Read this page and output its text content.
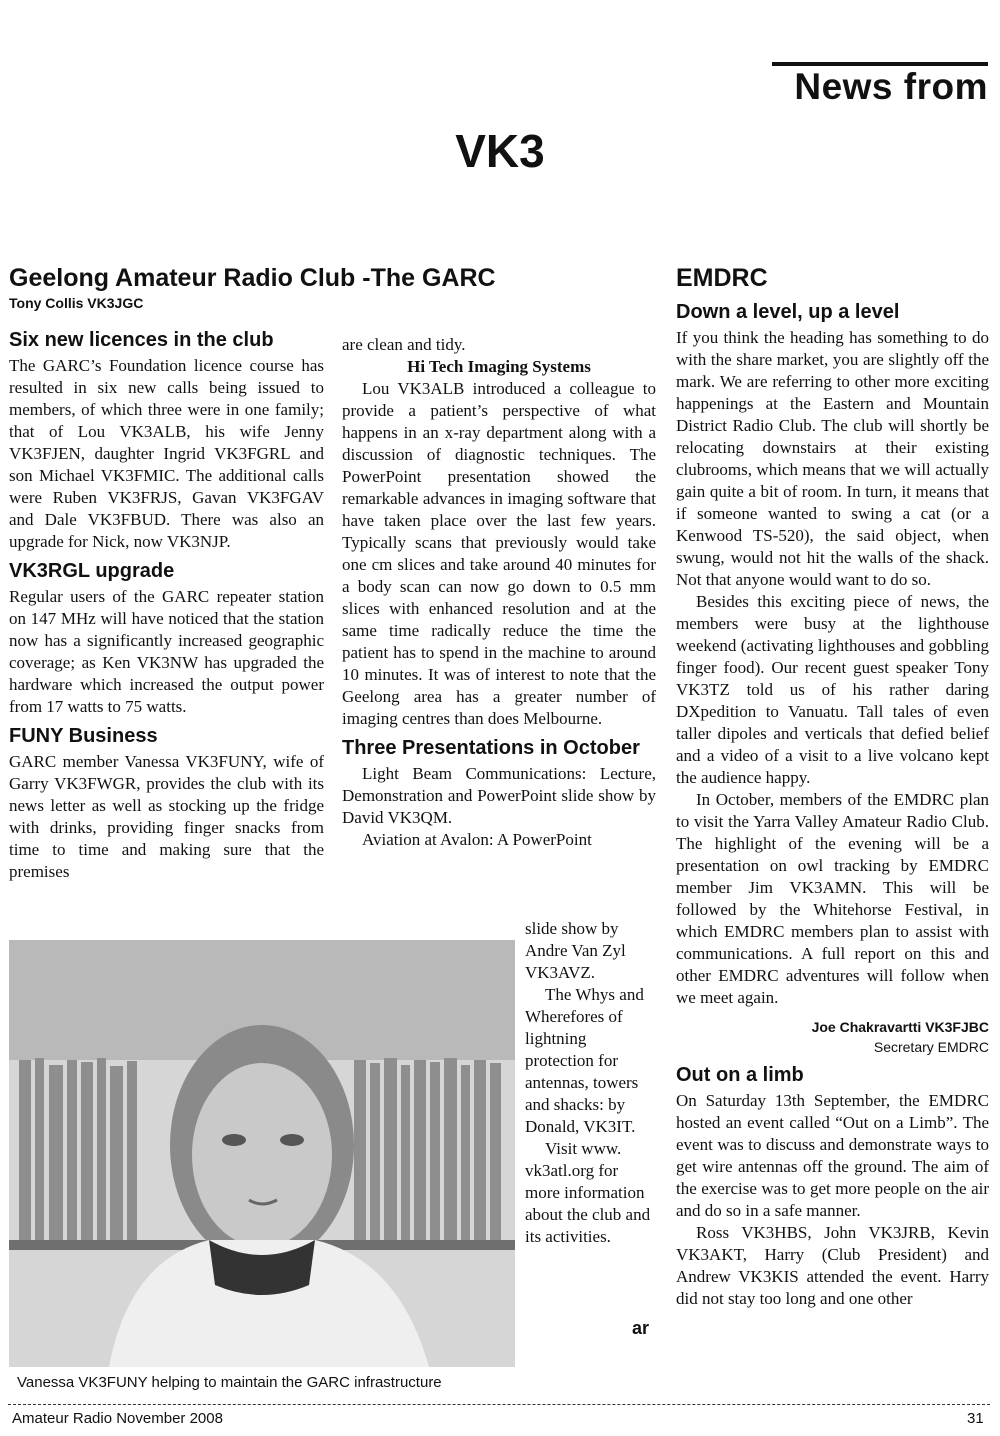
News from
VK3
Geelong Amateur Radio Club -The GARC

Tony Collis VK3JGC

Six new licences in the club

The GARC’s Foundation licence course has resulted in six new calls being issued to members, of which three were in one family; that of Lou VK3ALB, his wife Jenny VK3FJEN, daughter Ingrid VK3FGRL and son Michael VK3FMIC. The additional calls were Ruben VK3FRJS, Gavan VK3FGAV and Dale VK3FBUD. There was also an upgrade for Nick, now VK3NJP.

VK3RGL upgrade

Regular users of the GARC repeater station on 147 MHz will have noticed that the station now has a significantly increased geographic coverage; as Ken VK3NW has upgraded the hardware which increased the output power from 17 watts to 75 watts.

FUNY Business

GARC member Vanessa VK3FUNY, wife of Garry VK3FWGR, provides the club with its news letter as well as stocking up the fridge with drinks, providing finger snacks from time to time and making sure that the premises

are clean and tidy.

Hi Tech Imaging Systems

Lou VK3ALB introduced a colleague to provide a patient’s perspective of what happens in an x-ray department along with a discussion of diagnostic techniques. The PowerPoint presentation showed the remarkable advances in imaging software that have taken place over the last few years. Typically scans that previously would take one cm slices and take around 40 minutes for a body scan can now go down to 0.5 mm slices with enhanced resolution and at the same time radically reduce the time the patient has to spend in the machine to around 10 minutes. It was of interest to note that the Geelong area has a greater number of imaging centres than does Melbourne.

Three Presentations in October

Light Beam Communications: Lecture, Demonstration and PowerPoint slide show by David VK3QM.

Aviation at Avalon: A PowerPoint

slide show by Andre Van Zyl VK3AVZ.

The Whys and Wherefores of lightning protection for antennas, towers and shacks: by Donald, VK3IT.

Visit www. vk3atl.org for more information about the club and its activities.

ar
Vanessa VK3FUNY helping to maintain the GARC infrastructure
EMDRC
Down a level, up a level

If you think the heading has something to do with the share market, you are slightly off the mark. We are referring to other more exciting happenings at the Eastern and Mountain District Radio Club. The club will shortly be relocating downstairs at their existing clubrooms, which means that we will actually gain quite a bit of room. In turn, it means that if someone wanted to swing a cat (or a Kenwood TS-520), the said object, when swung, would not hit the walls of the shack. Not that anyone would want to do so.

Besides this exciting piece of news, the members were busy at the lighthouse weekend (activating lighthouses and gobbling finger food). Our recent guest speaker Tony VK3TZ told us of his rather daring DXpedition to Vanuatu. Tall tales of even taller dipoles and verticals that defied belief and a video of a visit to a live volcano kept the audience happy.

In October, members of the EMDRC plan to visit the Yarra Valley Amateur Radio Club. The highlight of the evening will be a presentation on owl tracking by EMDRC member Jim VK3AMN. This will be followed by the Whitehorse Festival, in which EMDRC members plan to assist with communications. A full report on this and other EMDRC adventures will follow when we meet again.

Joe Chakravartti VK3FJBC

Secretary EMDRC

Out on a limb

On Saturday 13th September, the EMDRC hosted an event called “Out on a Limb”. The event was to discuss and demonstrate ways to get wire antennas off the ground. The aim of the exercise was to get more people on the air and do so in a safe manner.

Ross VK3HBS, John VK3JRB, Kevin VK3AKT, Harry (Club President) and Andrew VK3KIS attended the event. Harry did not stay too long and one other

Amateur Radio November 2008	31
